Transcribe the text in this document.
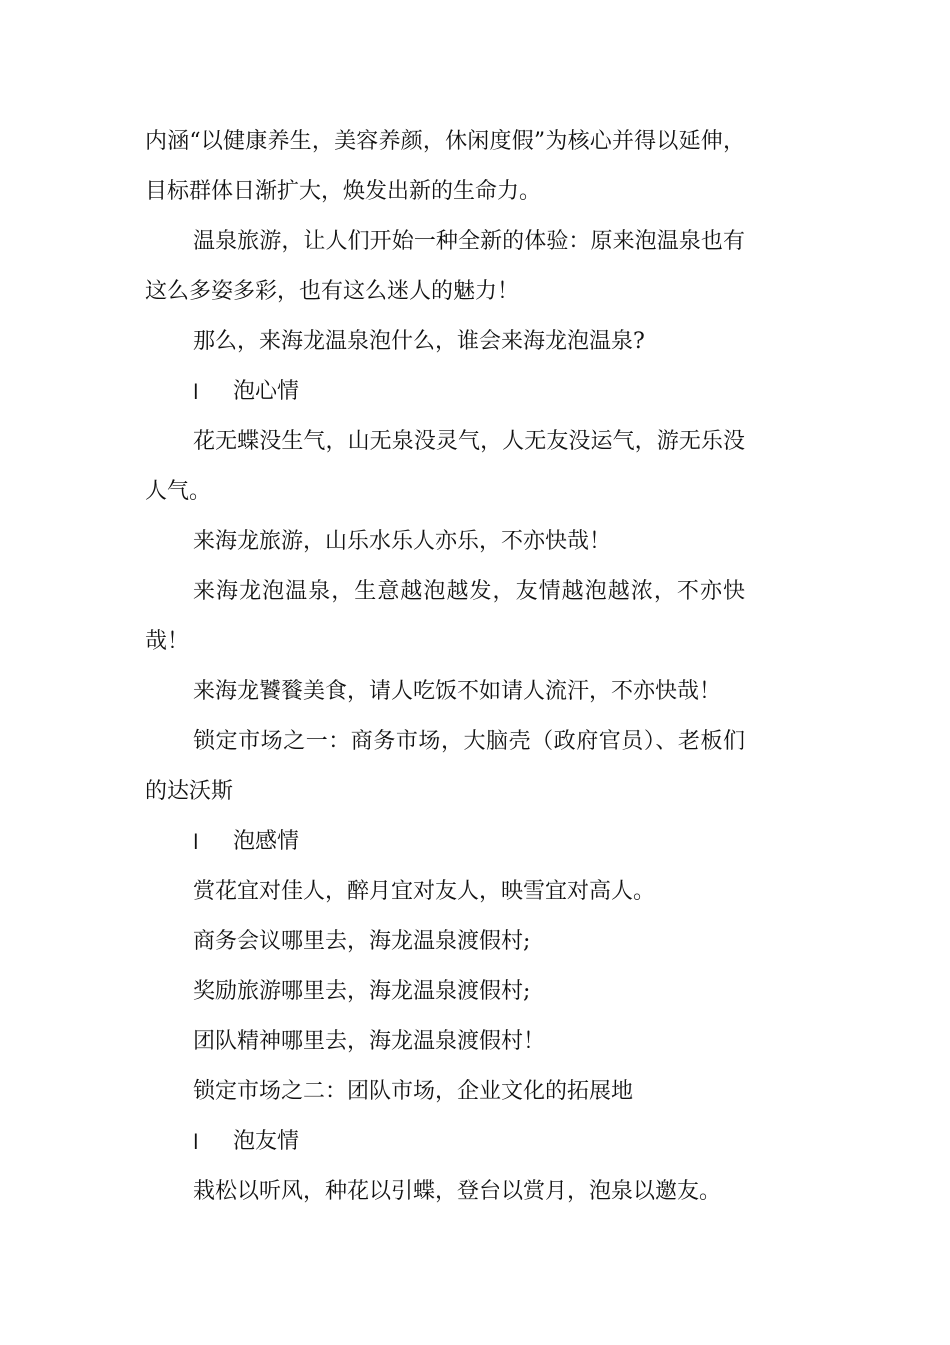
内涵“以健康养生，美容养颜，休闲度假”为核心并得以延伸，目标群体日渐扩大，焕发出新的生命力。

温泉旅游，让人们开始一种全新的体验：原来泡温泉也有这么多姿多彩，也有这么迷人的魅力！

那么，来海龙温泉泡什么，谁会来海龙泡温泉?

l	泡心情

花无蝶没生气，山无泉没灵气，人无友没运气，游无乐没人气。

来海龙旅游，山乐水乐人亦乐，不亦快哉！

来海龙泡温泉，生意越泡越发，友情越泡越浓，不亦快哉！

来海龙饕餮美食，请人吃饭不如请人流汗，不亦快哉！

锁定市场之一：商务市场，大脑壳（政府官员）、老板们的达沃斯

l	泡感情

赏花宜对佳人，醉月宜对友人，映雪宜对高人。

商务会议哪里去，海龙温泉渡假村;

奖励旅游哪里去，海龙温泉渡假村;

团队精神哪里去，海龙温泉渡假村！

锁定市场之二：团队市场，企业文化的拓展地

l	泡友情

栽松以听风，种花以引蝶，登台以赏月，泡泉以邀友。
